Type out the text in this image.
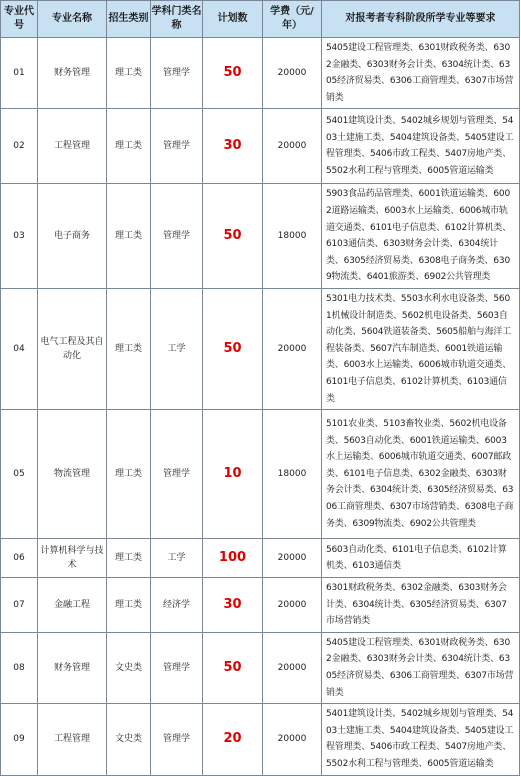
专业代号	专业名称	招生类别	学科门类名称	计划数	学费（元/年）	对报考者专科阶段所学专业等要求
01	财务管理	理工类	管理学	50	20000	5405建设工程管理类、6301财政税务类、6302金融类、6303财务会计类、6304统计类、6305经济贸易类、6306工商管理类、6307市场营销类
02	工程管理	理工类	管理学	30	20000	5401建筑设计类、5402城乡规划与管理类、5403土建施工类、5404建筑设备类、5405建设工程管理类、5406市政工程类、5407房地产类、5502水利工程与管理类、6005管道运输类
03	电子商务	理工类	管理学	50	18000	5903食品药品管理类、6001铁道运输类、6002道路运输类、6003水上运输类、6006城市轨道交通类、6101电子信息类、6102计算机类、6103通信类、6303财务会计类、6304统计类、6305经济贸易类、6308电子商务类、6309物流类、6401旅游类、6902公共管理类
04	电气工程及其自动化	理工类	工学	50	20000	5301电力技术类、5503水利水电设备类、5601机械设计制造类、5602机电设备类、5603自动化类、5604铁道装备类、5605船舶与海洋工程装备类、5607汽车制造类、6001铁道运输类、6003水上运输类、6006城市轨道交通类、6101电子信息类、6102计算机类、6103通信类
05	物流管理	理工类	管理学	10	18000	5101农业类、5103畜牧业类、5602机电设备类、5603自动化类、6001铁道运输类、6003水上运输类、6006城市轨道交通类、6007邮政类、6101电子信息类、6302金融类、6303财务会计类、6304统计类、6305经济贸易类、6306工商管理类、6307市场营销类、6308电子商务类、6309物流类、6902公共管理类
06	计算机科学与技术	理工类	工学	100	20000	5603自动化类、6101电子信息类、6102计算机类、6103通信类
07	金融工程	理工类	经济学	30	20000	6301财政税务类、6302金融类、6303财务会计类、6304统计类、6305经济贸易类、6307市场营销类
08	财务管理	文史类	管理学	50	20000	5405建设工程管理类、6301财政税务类、6302金融类、6303财务会计类、6304统计类、6305经济贸易类、6306工商管理类、6307市场营销类
09	工程管理	文史类	管理学	20	20000	5401建筑设计类、5402城乡规划与管理类、5403土建施工类、5404建筑设备类、5405建设工程管理类、5406市政工程类、5407房地产类、5502水利工程与管理类、6005管道运输类
